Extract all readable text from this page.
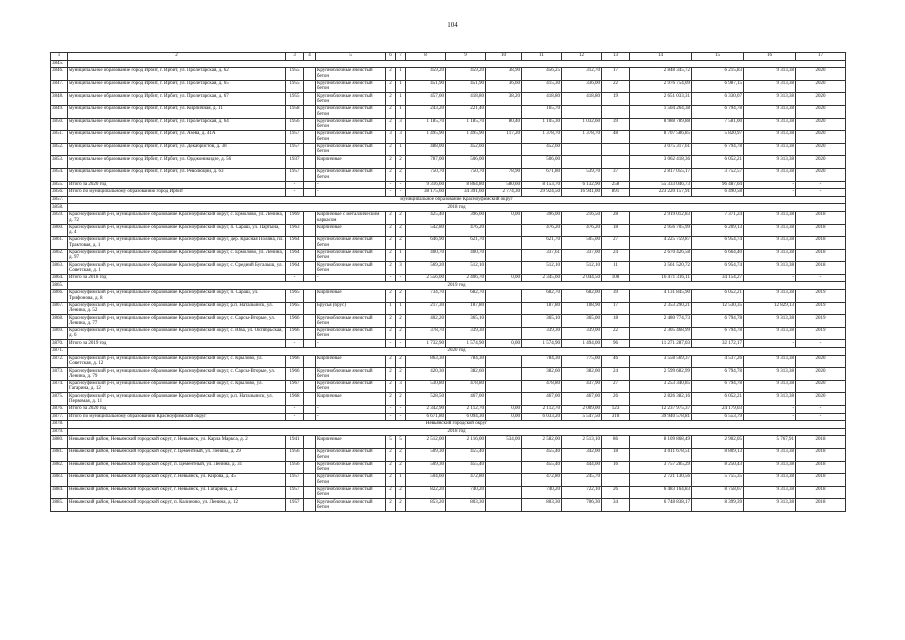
104
1	2	3	4	5	6	7	8	9	10	11	12	13	14	15	16	17
3845.																
3846.	муниципальное образование город Ирбит, г. Ирбит, ул. Пролетарская, д. 62	1955		Крупноблочные ячеистый бетон	2	1	459,20	459,20	38,90	456,25	312,70	17	2 848 345,72	6 215,83	9 313,38	2020
3847.	муниципальное образование город Ирбит, г. Ирбит, ул. Пролетарская, д. 65	1955		Крупноблочные ячеистый бетон	2	1	451,90	451,90	36,60	415,30	336,00	22	2 976 754,09	6 987,15	9 313,38	2020
3848.	муниципальное образование город Ирбит, г. Ирбит, ул. Пролетарская, д. 67	1955		Крупноблочные ячеистый бетон	2	1	457,00	418,80	38,20	418,80	418,80	19	2 651 033,31	6 330,07	9 313,38	2020
3849.	муниципальное образование город Ирбит, г. Ирбит, ул. Кирпичная, д. 11	1958		Крупноблочные ячеистый бетон	2	1	243,20	221,40		165,70			1 504 264,38	6 794,78	9 313,38	2020
3850.	муниципальное образование город Ирбит, г. Ирбит, ул. Пролетарская, д. 64	1956		Крупноблочные ячеистый бетон	2	3	1 185,70	1 185,70	80,40	1 105,30	1 032,60	39	8 988 789,88	7 581,00	9 313,38	2020
3851.	муниципальное образование город Ирбит, г. Ирбит, ул. Азева, д. 41А	1957		Крупноблочные ячеистый бетон	3	3	1 495,90	1 495,90	117,20	1 378,70	1 378,70	48	8 707 586,85	5 820,97	9 313,38	2020
3852.	муниципальное образование город Ирбит, г. Ирбит, ул. Декабристов, д. 38	1957		Крупноблочные ячеистый бетон	2	1	488,00	452,60		452,60			3 075 317,61	6 794,78	9 313,38	2020
3853.	муниципальное образование город Ирбит, г. Ирбит, ул. Орджоникидзе, д. 56	1937		Кирпичные	2	2	787,00	506,00		506,00			3 062 418,36	6 052,21	9 313,38	2020
3854.	муниципальное образование город Ирбит, г. Ирбит, ул. Революции, д. 63	1957		Крупноблочные ячеистый бетон	2	2	750,70	750,70	78,90	671,80	539,70	37	2 817 055,17	3 752,57	9 313,38	2020
3855.	Итого за 2020 год	-		-	-	-	9 316,60	8 864,80	580,60	8 153,70	6 132,90	258	55 333 046,73	96 487,04	-	-
3856.	Итого по муниципальному образованию город Ирбит	-		-	-	-	38 175,60	34 391,60	2 774,30	29 924,50	16 941,00	891	223 220 157,91	6 490,58	-	-
3857.	муниципальное образование Красноуфимский округ															
3858.	2018 год															
3859.	Красноуфимский р-н, муниципальное образование Красноуфимский округ, с. Ермолово, ул. Ленина, д. 72	1969		Кирпичные с металлическим каркасом	2	2	425,40	396,00	0,00	396,00	216,50	28	2 919 012,83	7 371,24	9 313,38	2018
3860.	Красноуфимский р-н, муниципальное образование Красноуфимский округ, п. Сараш, ул. Партына, д. 4	1963		Кирпичные	2	2	542,80	476,20		476,20	476,20	18	2 956 705,99	6 209,13	9 313,38	2018
3861.	Красноуфимский р-н, муниципальное образование Красноуфимский округ, дер. Красная Поляна, пл. Трактовая, д. 1	1964		Крупноблочные ячеистый бетон	2	2	646,90	621,70		621,70	505,00	27	4 225 759,87	6 954,74	9 313,38	2018
3862.	Красноуфимский р-н, муниципальное образование Красноуфимский округ, с. Ермолово, ул. Ленина, д. 97	1964		Крупноблочные ячеистый бетон	2	1	400,70	400,70		337,61	337,00	24	2 670 426,58	6 664,40	9 313,38	2018
3863.	Красноуфимский р-н, муниципальное образование Красноуфимский округ, с. Средний Бугалыш, ул. Советская, д. 1	1964		Крупноблочные ячеистый бетон	2	3	569,20	512,10		512,10	512,10	11	3 561 520,72	6 954,74	9 313,38	2018
3864.	Итого за 2018 год	-		-	-	-	2 556,00	2 406,70	0,00	2 345,60	2 044,50	108	16 471 316,11	34 154,27	-	-
3865.	2019 год															
3866.	Красноуфимский р-н, муниципальное образование Красноуфимский округ, п. Сараш, ул. Трифонова, д. 8	1965		Кирпичные	2	2	734,70	682,70		682,70	682,00	39	4 131 845,90	6 052,21	9 313,38	2019
3867.	Красноуфимский р-н, муниципальное образование Красноуфимский округ, р.п. Натальинск, ул. Ленина, д. 52	1965		Брусья (брус)	1	1	217,30	187,80		187,80	108,90	17	2 353 290,21	12 530,35	12 829,13	2019
3868.	Красноуфимский р-н, муниципальное образование Красноуфимский округ, с. Сарсы-Вторые, ул. Ленина, д. 77	1966		Крупноблочные ячеистый бетон	2	2	402,20	365,10		365,10	365,00	18	2 480 774,73	6 794,78	9 313,38	2019
3869.	Красноуфимский р-н, муниципальное образование Красноуфимский округ, с. Юва, ул. Октябрьская, д. 6	1966		Крупноблочные ячеистый бетон	2	2	378,70	339,30		339,30	339,00	22	2 305 468,99	6 794,78	9 313,38	2019
3870.	Итого за 2019 год	-		-	-	-	1 732,90	1 574,90	0,00	1 574,90	1 494,00	96	11 271 287,03	32 172,17	-	-
3871.	2020 год															
3872.	Красноуфимский р-н, муниципальное образование Красноуфимский округ, с. Крылово, ул. Советская, д. 12	1966		Кирпичные	2	2	863,30	784,30		784,30	775,00	46	3 558 569,37	4 537,26	9 313,38	2020
3873.	Красноуфимский р-н, муниципальное образование Красноуфимский округ, с. Сарсы-Вторые, ул. Ленина, д. 79	1966		Крупноблочные ячеистый бетон	2	2	420,30	382,60		382,60	382,00	24	2 599 682,99	6 794,78	9 313,38	2020
3874.	Красноуфимский р-н, муниципальное образование Красноуфимский округ, с. Крылово, ул. Гагарина, д. 12	1967		Крупноблочные ячеистый бетон	2	3	530,80	478,80		478,80	437,90	27	3 253 340,85	6 794,78	9 313,38	2020
3875.	Красноуфимский р-н, муниципальное образование Красноуфимский округ, р.п. Натальинск, ул. Первомая, д. 11	1968		Кирпичные	2	2	528,50	467,00		467,00	467,00	26	2 826 382,16	6 052,21	9 313,38	2020
3876.	Итого за 2020 год	-		-	-	-	2 342,90	2 112,70	0,00	2 112,70	2 009,00	123	12 237 975,37	24 179,03	-	-
3877.	Итого по муниципальному образованию Красноуфимский округ	-		-	-	-	6 671,80	6 094,30	0,00	6 033,20	5 547,50	310	39 940 578,81	6 553,79	-	-
3878.	Невьянский городской округ															
3879.	2018 год															
3880.	Невьянский район, Невьянский городской округ, г. Невьянск, ул. Карла Маркса, д. 2	1941		Кирпичные	5	5	2 512,00	2 116,00	534,00	2 582,00	2 513,10	86	8 109 868,49	2 902,05	5 767,91	2018
3881.	Невьянский район, Невьянский городской округ, г. Цементный, ул. Ленина, д. 29	1956		Крупноблочные ячеистый бетон	2	2	509,30	455,40		455,40	342,00	18	4 011 678,51	8 809,13	9 313,38	2018
3882.	Невьянский район, Невьянский городской округ, п. Цементный, ул. Ленина, д. 31	1956		Крупноблочные ячеистый бетон	2	2	509,30	455,40		455,40	444,00	16	3 757 285,29	8 250,43	9 313,38	2018
3883.	Невьянский район, Невьянский городской округ, г. Невьянск, ул. Кирова, д. 45	1957		Крупноблочные ячеистый бетон	2	1	504,60	472,80		472,80	245,70		2 721 130,56	5 755,35	9 313,38	2018
3884.	Невьянский район, Невьянский городской округ, г. Невьянск, ул. Гагарина, д. 2	1957		Крупноблочные ячеистый бетон	2	2	822,20	740,20		740,20	722,10	26	6 483 164,83	8 758,67	9 313,38	2018
3885.	Невьянский район, Невьянский городской округ, п. Калиново, ул. Ленина, д. 12	1957		Крупноблочные ячеистый бетон	2	2	853,20	803,30		803,30	706,30	34	6 748 838,17	8 399,39	9 313,38	2018
